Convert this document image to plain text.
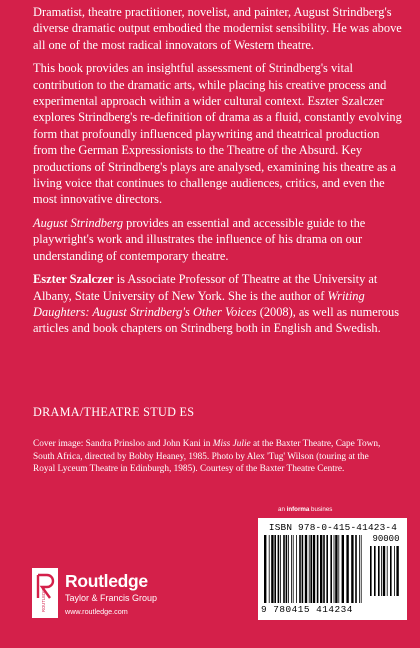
Dramatist, theatre practitioner, novelist, and painter, August Strindberg's diverse dramatic output embodied the modernist sensibility. He was above all one of the most radical innovators of Western theatre.

This book provides an insightful assessment of Strindberg's vital contribution to the dramatic arts, while placing his creative process and experimental approach within a wider cultural context. Eszter Szalczer explores Strindberg's re-definition of drama as a fluid, constantly evolving form that profoundly influenced playwriting and theatrical production from the German Expressionists to the Theatre of the Absurd. Key productions of Strindberg's plays are analysed, examining his theatre as a living voice that continues to challenge audiences, critics, and even the most innovative directors.

August Strindberg provides an essential and accessible guide to the playwright's work and illustrates the influence of his drama on our understanding of contemporary theatre.

Eszter Szalczer is Associate Professor of Theatre at the University at Albany, State University of New York. She is the author of Writing Daughters: August Strindberg's Other Voices (2008), as well as numerous articles and book chapters on Strindberg both in English and Swedish.

DRAMA/THEATRE STUD ES
Cover image: Sandra Prinsloo and John Kani in Miss Julie at the Baxter Theatre, Cape Town, South Africa, directed by Bobby Heaney, 1985. Photo by Alex 'Tug' Wilson (touring at the Royal Lyceum Theatre in Edinburgh, 1985). Courtesy of the Baxter Theatre Centre.
an informa busines
ISBN 978-0-415-41423-4
90000
9 780415 414234
ROUTLEDGE
Routledge
Taylor & Francis Group
www.routledge.com
